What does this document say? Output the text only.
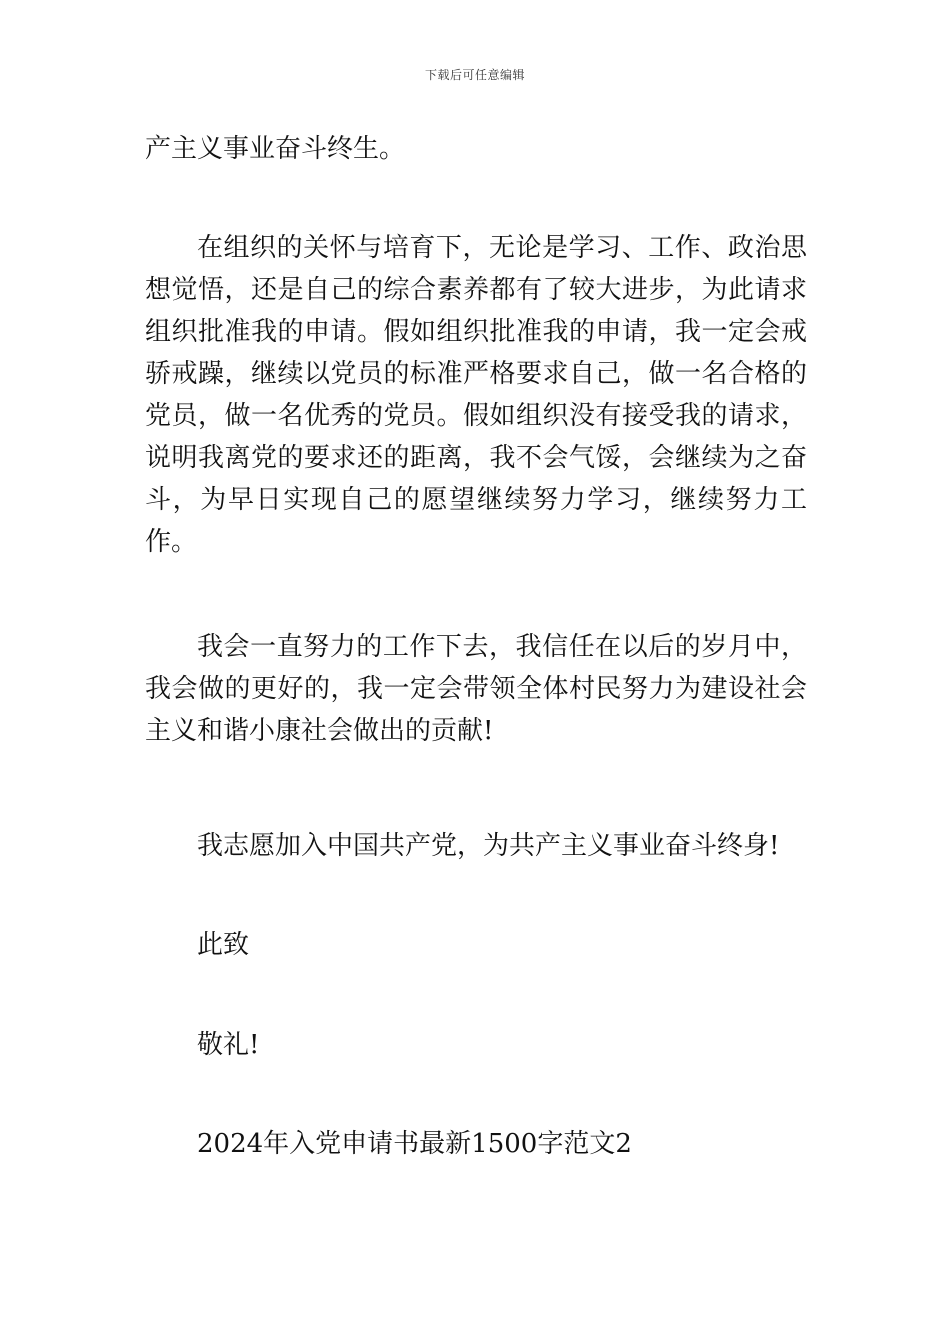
下载后可任意编辑

产主义事业奋斗终生。

在组织的关怀与培育下，无论是学习、工作、政治思想觉悟，还是自己的综合素养都有了较大进步，为此请求组织批准我的申请。假如组织批准我的申请，我一定会戒骄戒躁，继续以党员的标准严格要求自己，做一名合格的党员，做一名优秀的党员。假如组织没有接受我的请求，说明我离党的要求还的距离，我不会气馁，会继续为之奋斗，为早日实现自己的愿望继续努力学习，继续努力工作。

我会一直努力的工作下去，我信任在以后的岁月中，我会做的更好的，我一定会带领全体村民努力为建设社会主义和谐小康社会做出的贡献!

我志愿加入中国共产党，为共产主义事业奋斗终身!

此致

敬礼!

2024年入党申请书最新1500字范文2
